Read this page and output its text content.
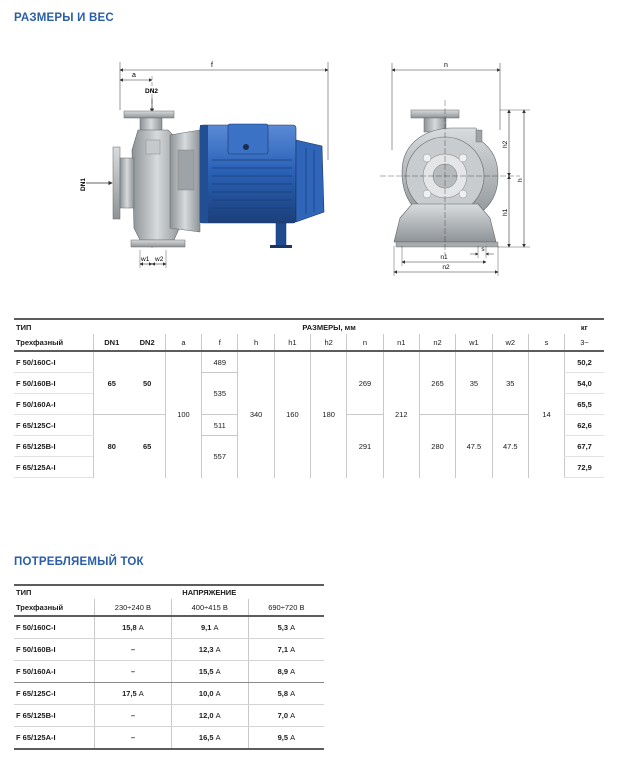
РАЗМЕРЫ И ВЕС
f
a
DN2
DN1
w1 w2
n
h2
h1
h
s
n1
n2
ТИП	РАЗМЕРЫ, мм													кг
Трехфазный	DN1	DN2	a	f	h	h1	h2	n	n1	n2	w1	w2	s	3~
F 50/160C-I	65	50	100	489	340	160	180	269	212	265	35	35	14	50,2
F 50/160B-I				535										54,0
F 50/160A-I														65,5
F 65/125C-I	80	65		511				291		280	47.5	47.5		62,6
F 65/125B-I				557										67,7
F 65/125A-I														72,9
ПОТРЕБЛЯЕМЫЙ ТОК
ТИП	НАПРЯЖЕНИЕ		
Трехфазный	230÷240 В	400÷415 В	690÷720 В
F 50/160C-I	15,8 А	9,1 А	5,3 А
F 50/160B-I	–	12,3 А	7,1 А
F 50/160A-I	–	15,5 А	8,9 А
F 65/125C-I	17,5 А	10,0 А	5,8 А
F 65/125B-I	–	12,0 А	7,0 А
F 65/125A-I	–	16,5 А	9,5 А
